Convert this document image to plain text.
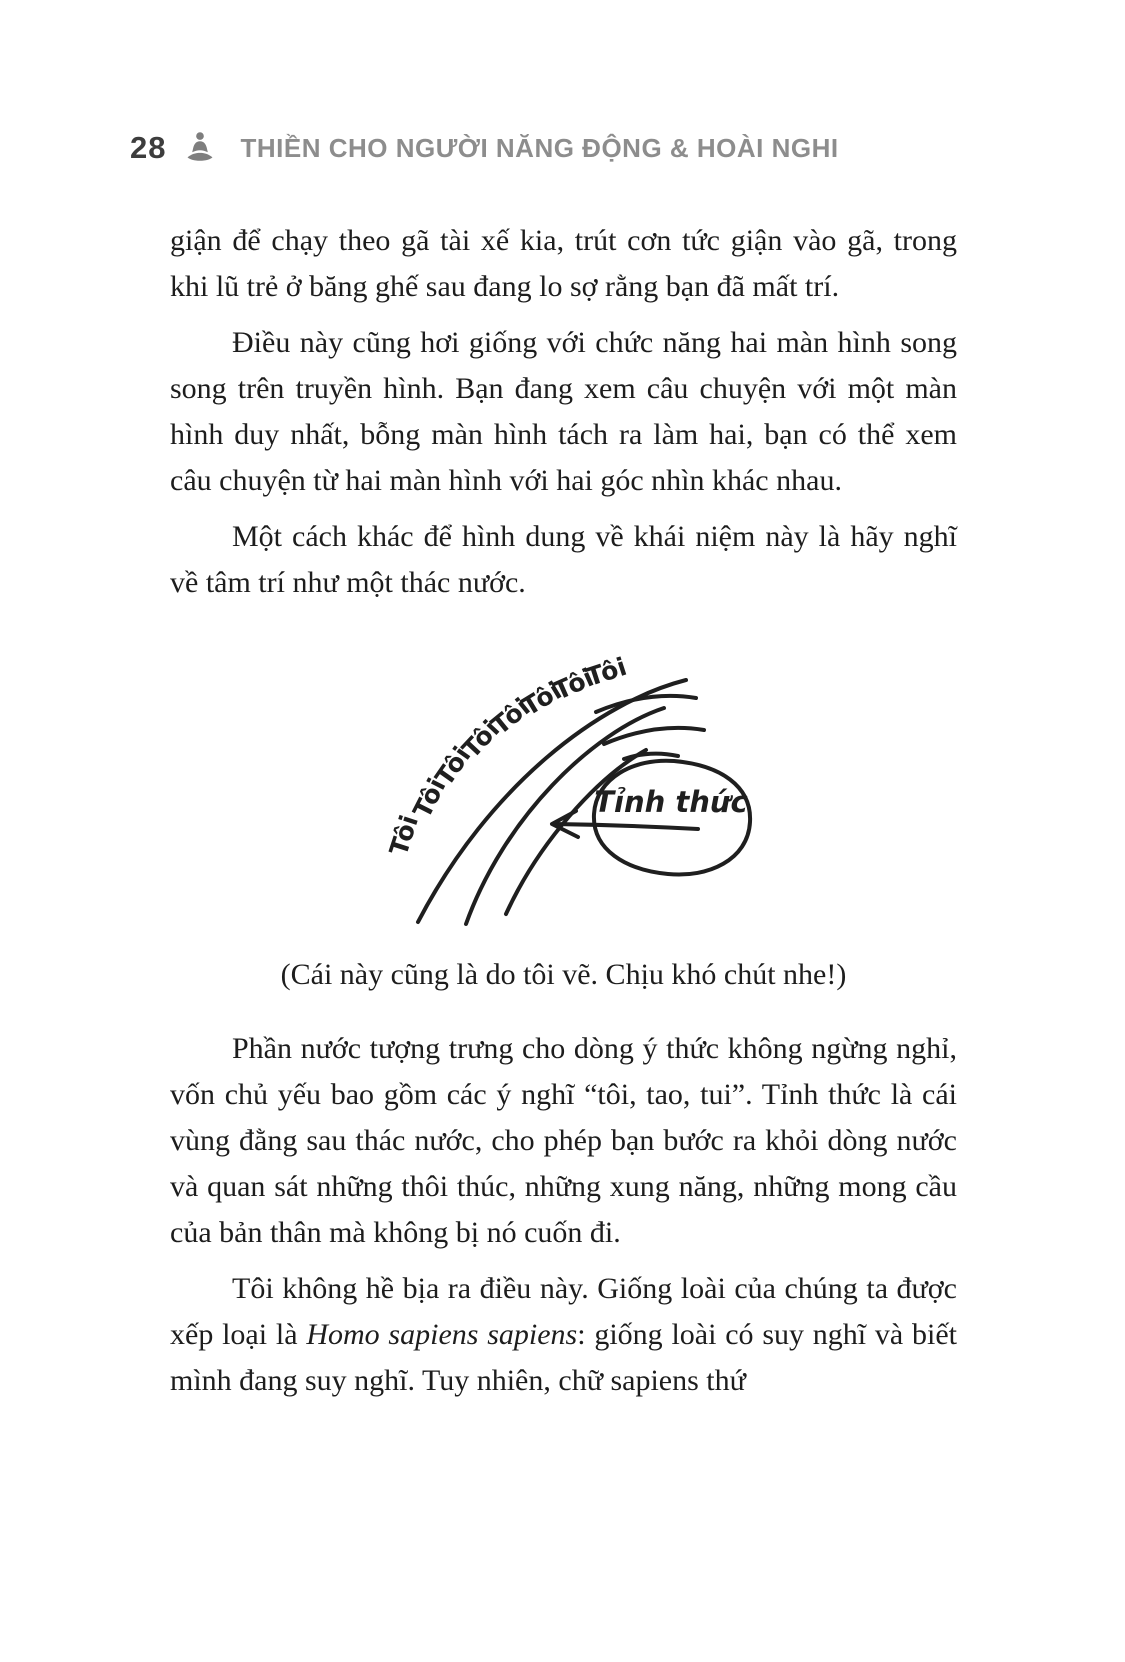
28	THIỀN CHO NGƯỜI NĂNG ĐỘNG & HOÀI NGHI

giận để chạy theo gã tài xế kia, trút cơn tức giận vào gã, trong khi lũ trẻ ở băng ghế sau đang lo sợ rằng bạn đã mất trí.

Điều này cũng hơi giống với chức năng hai màn hình song song trên truyền hình. Bạn đang xem câu chuyện với một màn hình duy nhất, bỗng màn hình tách ra làm hai, bạn có thể xem câu chuyện từ hai màn hình với hai góc nhìn khác nhau.

Một cách khác để hình dung về khái niệm này là hãy nghĩ về tâm trí như một thác nước.

Tôi
Tôi
Tôi
Tôi
Tôi
Tôi
Tôi
Tôi
Tỉnh thức

(Cái này cũng là do tôi vẽ. Chịu khó chút nhe!)

Phần nước tượng trưng cho dòng ý thức không ngừng nghỉ, vốn chủ yếu bao gồm các ý nghĩ “tôi, tao, tui”. Tỉnh thức là cái vùng đằng sau thác nước, cho phép bạn bước ra khỏi dòng nước và quan sát những thôi thúc, những xung năng, những mong cầu của bản thân mà không bị nó cuốn đi.

Tôi không hề bịa ra điều này. Giống loài của chúng ta được xếp loại là Homo sapiens sapiens: giống loài có suy nghĩ và biết mình đang suy nghĩ. Tuy nhiên, chữ sapiens thứ
